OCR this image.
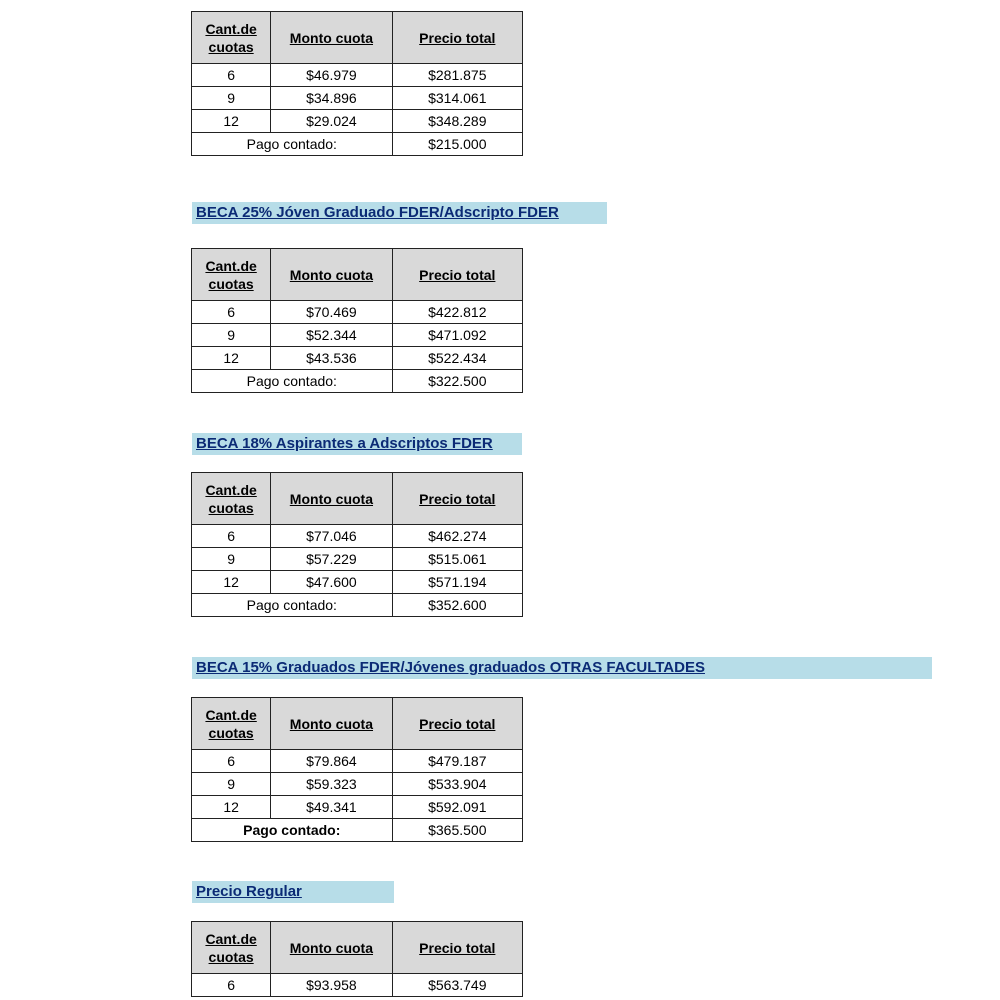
Cant.de cuotas	Monto cuota	Precio total
6	$46.979	$281.875
9	$34.896	$314.061
12	$29.024	$348.289
Pago contado:		$215.000
BECA 25% Jóven Graduado FDER/Adscripto FDER
Cant.de cuotas	Monto cuota	Precio total
6	$70.469	$422.812
9	$52.344	$471.092
12	$43.536	$522.434
Pago contado:		$322.500
BECA 18% Aspirantes a Adscriptos FDER
Cant.de cuotas	Monto cuota	Precio total
6	$77.046	$462.274
9	$57.229	$515.061
12	$47.600	$571.194
Pago contado:		$352.600
BECA 15% Graduados FDER/Jóvenes graduados OTRAS FACULTADES
Cant.de cuotas	Monto cuota	Precio total
6	$79.864	$479.187
9	$59.323	$533.904
12	$49.341	$592.091
Pago contado:		$365.500
Precio Regular
Cant.de cuotas	Monto cuota	Precio total
6	$93.958	$563.749
